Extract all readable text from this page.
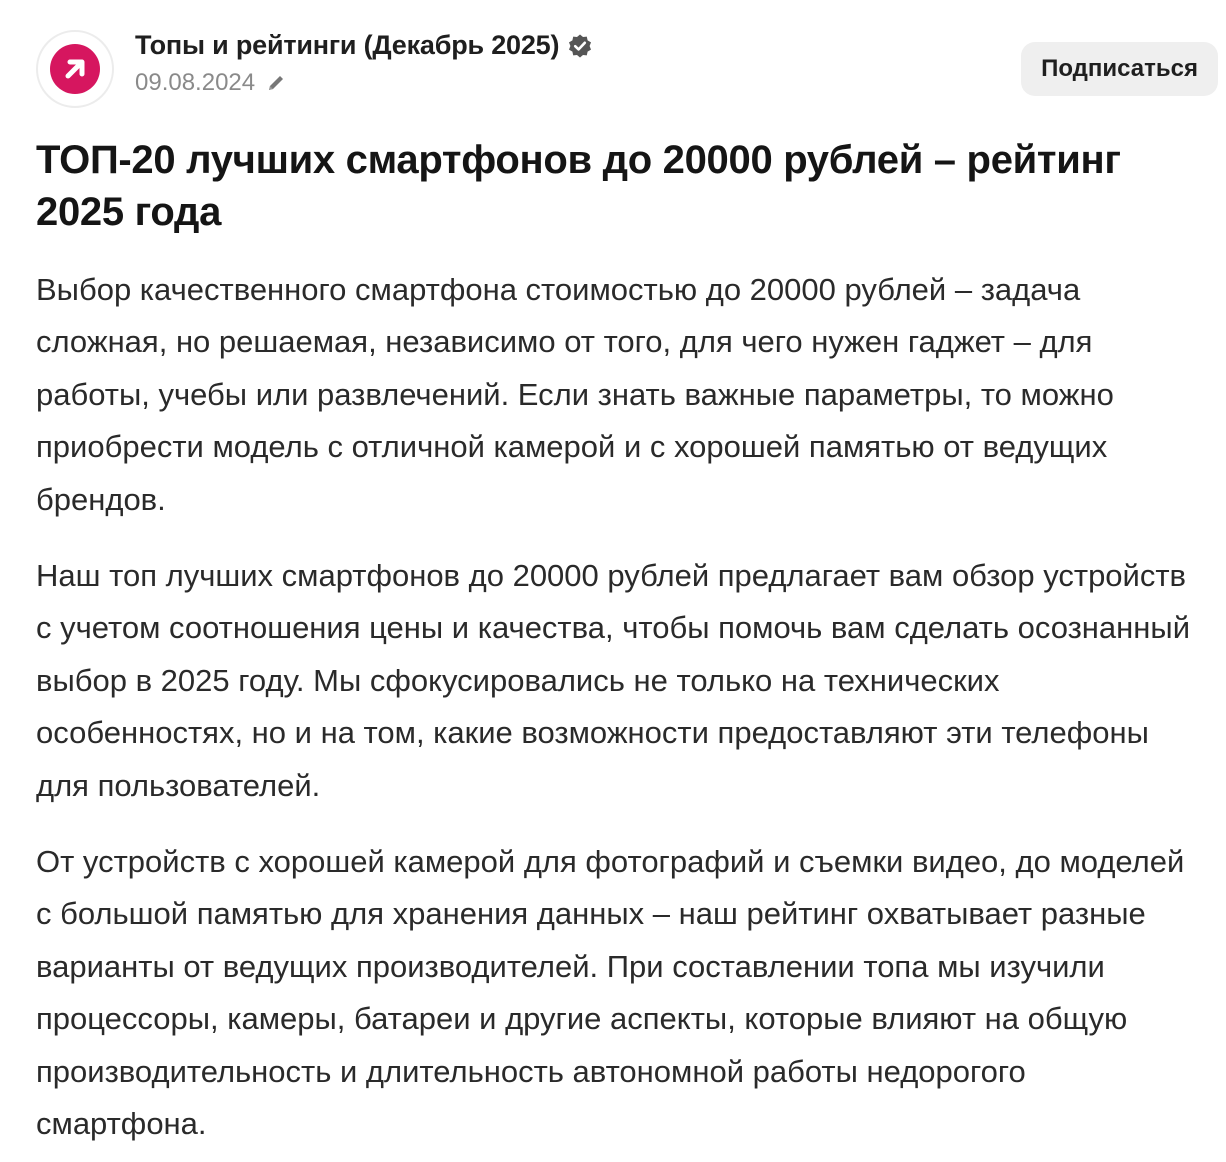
Топы и рейтинги (Декабрь 2025)
09.08.2024
Подписаться
ТОП-20 лучших смартфонов до 20000 рублей – рейтинг 2025 года

Выбор качественного смартфона стоимостью до 20000 рублей – задача сложная, но решаемая, независимо от того, для чего нужен гаджет – для работы, учебы или развлечений. Если знать важные параметры, то можно приобрести модель с отличной камерой и с хорошей памятью от ведущих брендов.

Наш топ лучших смартфонов до 20000 рублей предлагает вам обзор устройств с учетом соотношения цены и качества, чтобы помочь вам сделать осознанный выбор в 2025 году. Мы сфокусировались не только на технических особенностях, но и на том, какие возможности предоставляют эти телефоны для пользователей.

От устройств с хорошей камерой для фотографий и съемки видео, до моделей с большой памятью для хранения данных – наш рейтинг охватывает разные варианты от ведущих производителей. При составлении топа мы изучили процессоры, камеры, батареи и другие аспекты, которые влияют на общую производительность и длительность автономной работы недорогого смартфона.
